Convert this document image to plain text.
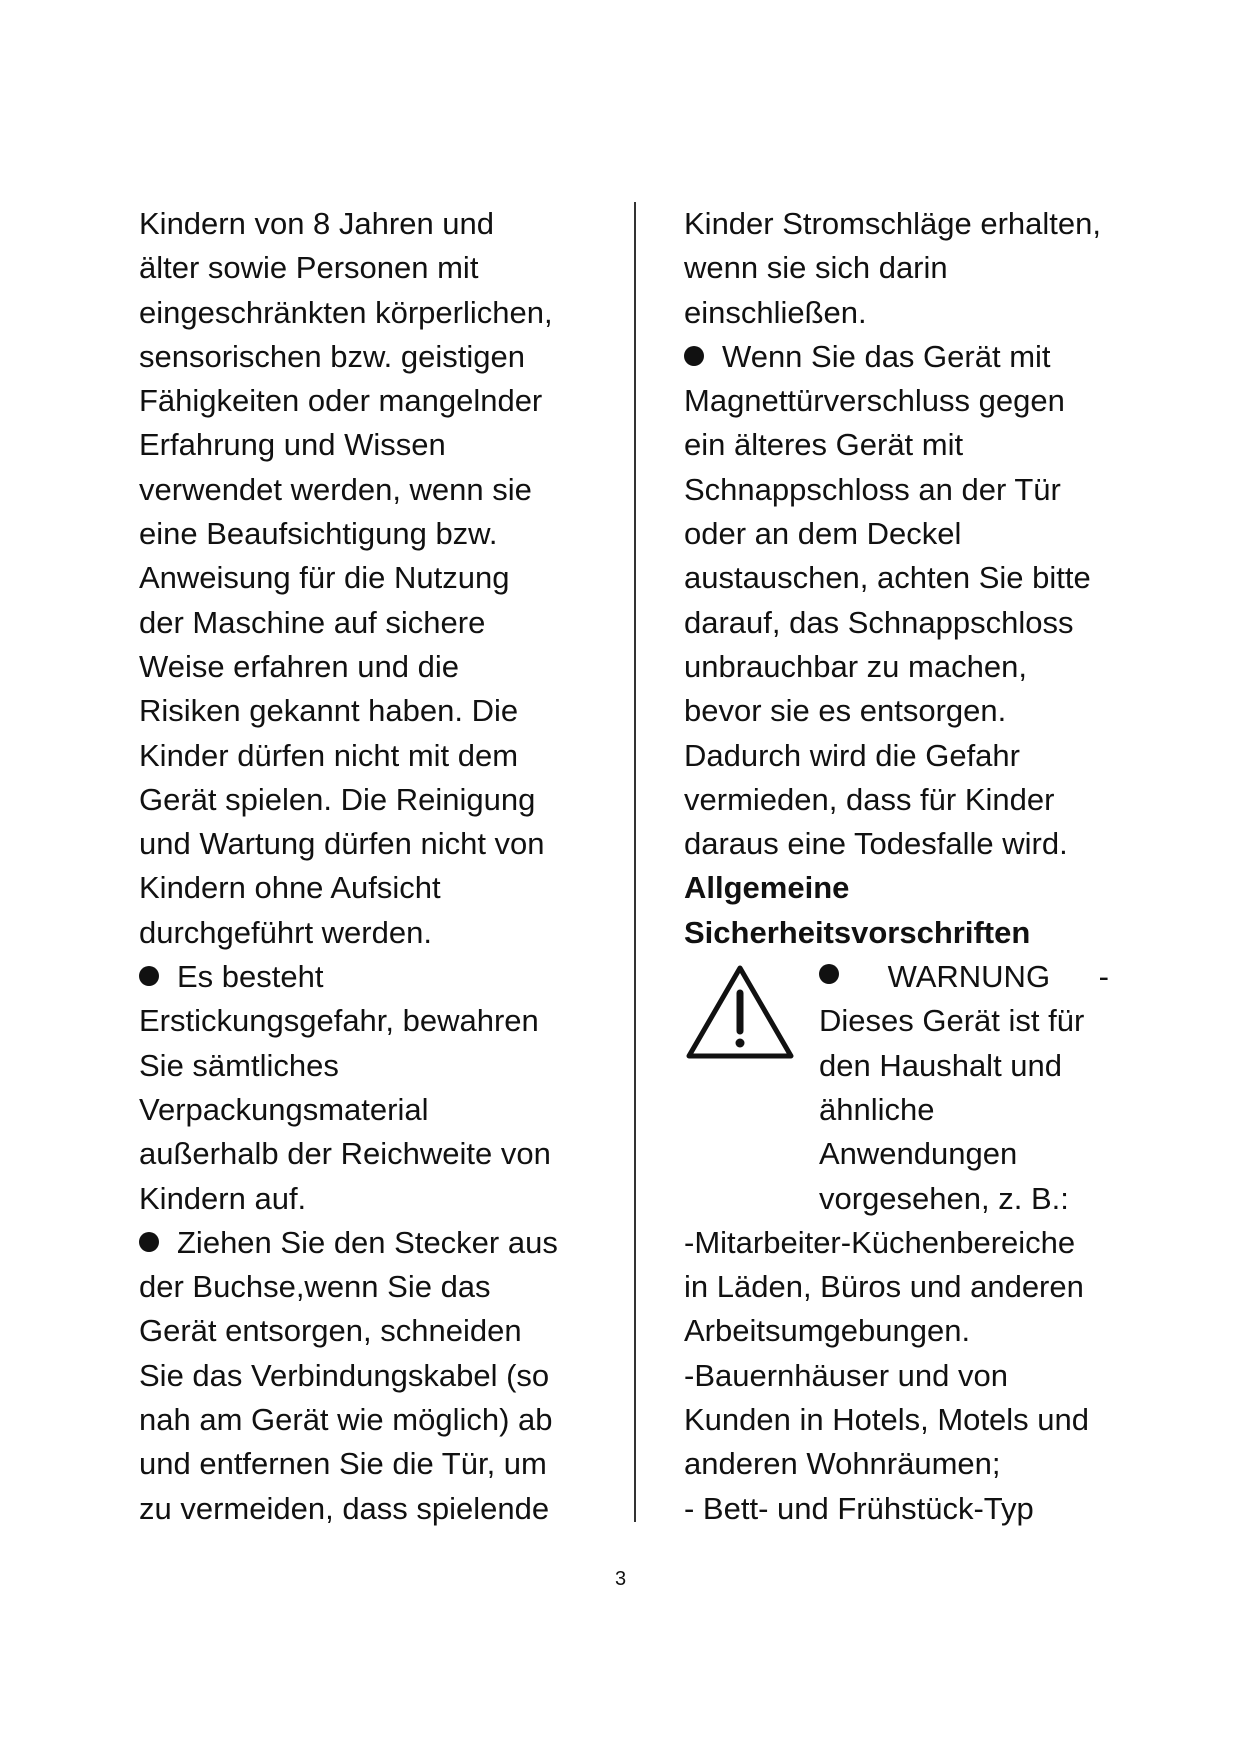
Kindern von 8 Jahren und
älter sowie Personen mit
eingeschränkten körperlichen,
sensorischen bzw. geistigen
Fähigkeiten oder mangelnder
Erfahrung und Wissen
verwendet werden, wenn sie
eine Beaufsichtigung bzw.
Anweisung für die Nutzung
der Maschine auf sichere
Weise erfahren und die
Risiken gekannt haben. Die
Kinder dürfen nicht mit dem
Gerät spielen. Die Reinigung
und Wartung dürfen nicht von
Kindern ohne Aufsicht
durchgeführt werden.
Es besteht
Erstickungsgefahr, bewahren
Sie sämtliches
Verpackungsmaterial
außerhalb der Reichweite von
Kindern auf.
Ziehen Sie den Stecker aus
der Buchse,wenn Sie das
Gerät entsorgen, schneiden
Sie das Verbindungskabel (so
nah am Gerät wie möglich) ab
und entfernen Sie die Tür, um
zu vermeiden, dass spielende
Kinder Stromschläge erhalten,
wenn sie sich darin
einschließen.
Wenn Sie das Gerät mit
Magnettürverschluss gegen
ein älteres Gerät mit
Schnappschloss an der Tür
oder an dem Deckel
austauschen, achten Sie bitte
darauf, das Schnappschloss
unbrauchbar zu machen,
bevor sie es entsorgen.
Dadurch wird die Gefahr
vermieden, dass für Kinder
daraus eine Todesfalle wird.
Allgemeine
Sicherheitsvorschriften
WARNUNG -
Dieses Gerät ist für
den Haushalt und
ähnliche
Anwendungen
vorgesehen, z. B.:
-Mitarbeiter-Küchenbereiche
in Läden, Büros und anderen
Arbeitsumgebungen.
-Bauernhäuser und von
Kunden in Hotels, Motels und
anderen Wohnräumen;
- Bett- und Frühstück-Typ
3
